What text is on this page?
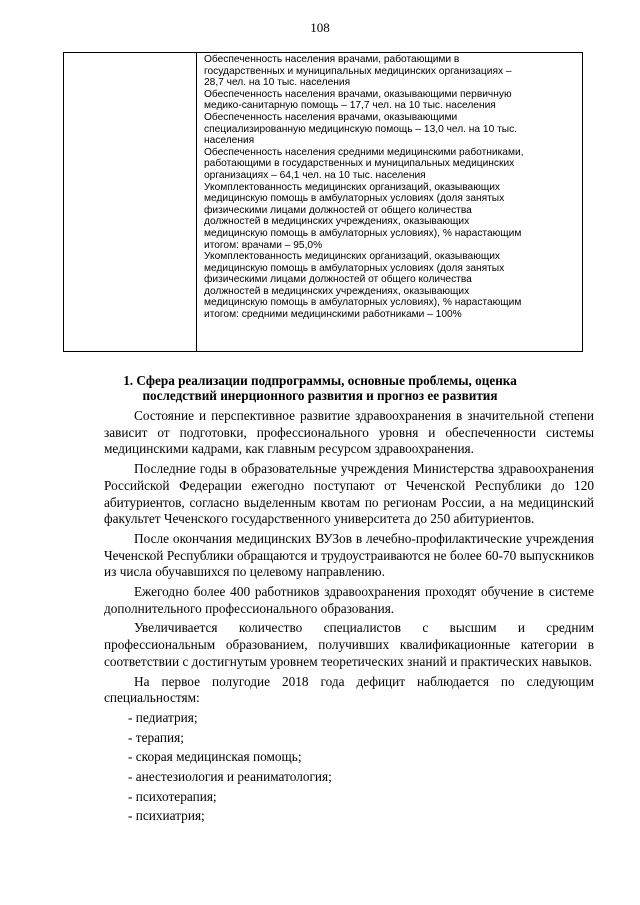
108
Обеспеченность населения врачами, работающими в
государственных и муниципальных медицинских организациях –
28,7 чел. на 10 тыс. населения
Обеспеченность населения врачами, оказывающими первичную
медико-санитарную помощь – 17,7 чел. на 10 тыс. населения
Обеспеченность населения врачами, оказывающими
специализированную медицинскую помощь – 13,0 чел. на 10 тыс.
населения
Обеспеченность населения средними медицинскими работниками,
работающими в государственных и муниципальных медицинских
организациях – 64,1 чел. на 10 тыс. населения
Укомплектованность медицинских организаций, оказывающих
медицинскую помощь в амбулаторных условиях (доля занятых
физическими лицами должностей от общего количества
должностей в медицинских учреждениях, оказывающих
медицинскую помощь в амбулаторных условиях), % нарастающим
итогом: врачами – 95,0%
Укомплектованность медицинских организаций, оказывающих
медицинскую помощь в амбулаторных условиях (доля занятых
физическими лицами должностей от общего количества
должностей в медицинских учреждениях, оказывающих
медицинскую помощь в амбулаторных условиях), % нарастающим
итогом: средними медицинскими работниками – 100%
1. Сфера реализации подпрограммы, основные проблемы, оценка
последствий инерционного развития и прогноз ее развития

Состояние и перспективное развитие здравоохранения в значительной степени зависит от подготовки, профессионального уровня и обеспеченности системы медицинскими кадрами, как главным ресурсом здравоохранения.

Последние годы в образовательные учреждения Министерства здравоохранения Российской Федерации ежегодно поступают от Чеченской Республики до 120 абитуриентов, согласно выделенным квотам по регионам России, а на медицинский факультет Чеченского государственного университета до 250 абитуриентов.

После окончания медицинских ВУЗов в лечебно-профилактические учреждения Чеченской Республики обращаются и трудоустраиваются не более 60-70 выпускников из числа обучавшихся по целевому направлению.

Ежегодно более 400 работников здравоохранения проходят обучение в системе дополнительного профессионального образования.

Увеличивается количество специалистов с высшим и средним профессиональным образованием, получивших квалификационные категории в соответствии с достигнутым уровнем теоретических знаний и практических навыков.

На первое полугодие 2018 года дефицит наблюдается по следующим специальностям:

- педиатрия;
- терапия;
- скорая медицинская помощь;
- анестезиология и реаниматология;
- психотерапия;
- психиатрия;
